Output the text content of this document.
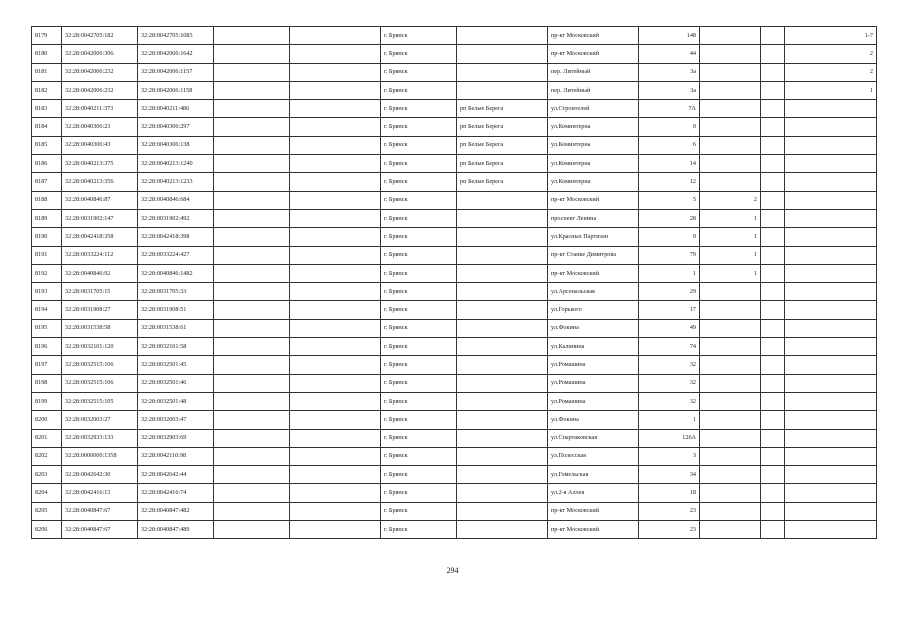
8179	32:28:0042705:182	32:28:0042705:1083			г. Брянск		пр-кт Московский	148			1-7
8180	32:28:0042006:306	32:28:0042006:1642			г. Брянск		пр-кт Московский	44			2
8181	32:28:0042006:232	32:28:0042006:1157			г. Брянск		пер. Литейный	3а			2
8182	32:28:0042006:232	32:28:0042006:1158			г. Брянск		пер. Литейный	3а			1
8183	32:28:0040211:373	32:28:0040211:486			г. Брянск	рп Белые Берега	ул.Строителей	7А			
8184	32:28:0040306:23	32:28:0040306:297			г. Брянск	рп Белые Берега	ул.Коминтерна	9			
8185	32:28:0040306:43	32:28:0040306:138			г. Брянск	рп Белые Берега	ул.Коминтерна	6			
8186	32:28:0040213:375	32:28:0040213:1240			г. Брянск	рп Белые Берега	ул.Коминтерна	14			
8187	32:28:0040213:356	32:28:0040213:1233			г. Брянск	рп Белые Берега	ул.Коминтерна	12			
8188	32:28:0040846:87	32:28:0040846:684			г. Брянск		пр-кт Московский	5	2		
8189	32:28:0031902:147	32:28:0031902:492			г. Брянск		проспект Ленина	28	1		
8190	32:28:0042418:358	32:28:0042418:398			г. Брянск		ул.Красных Партизан	9	1		
8191	32:28:0033224:112	32:28:0033224:427			г. Брянск		пр-кт Станке Димитрова	79	1		
8192	32:28:0040846:92	32:28:0040846:1482			г. Брянск		пр-кт Московский	1	1		
8193	32:28:0031705:15	32:28:0031705:33			г. Брянск		ул.Арсенальская	29			
8194	32:28:0031908:27	32:28:0031908:51			г. Брянск		ул.Горького	17			
8195	32:28:0031538:58	32:28:0031538:61			г. Брянск		ул.Фокина	49			
8196	32:28:0032101:120	32:28:0032101:58			г. Брянск		ул.Калинина	74			
8197	32:28:0032515:106	32:28:0032501:45			г. Брянск		ул.Ромашина	32			
8198	32:28:0032515:106	32:28:0032501:46			г. Брянск		ул.Ромашина	32			
8199	32:28:0032515:105	32:28:0032501:48			г. Брянск		ул.Ромашина	32			
8200	32:28:0032003:27	32:28:0032003:47			г. Брянск		ул.Фокина	1			
8201	32:28:0032933:133	32:28:0032903:69			г. Брянск		ул.Спартаковская	126А			
8202	32:28:0000000:1358	32:28:0042110:98			г. Брянск		ул.Полесская	3			
8203	32:28:0042642:30	32:28:0042642:44			г. Брянск		ул.Гомельская	34			
8204	32:28:0042416:13	32:28:0042416:74			г. Брянск		ул.2-я Аллея	18			
8205	32:28:0040847:67	32:28:0040847:482			г. Брянск		пр-кт Московский	23			
8206	32:28:0040847:67	32:28:0040847:489			г. Брянск		пр-кт Московский	23			
294
